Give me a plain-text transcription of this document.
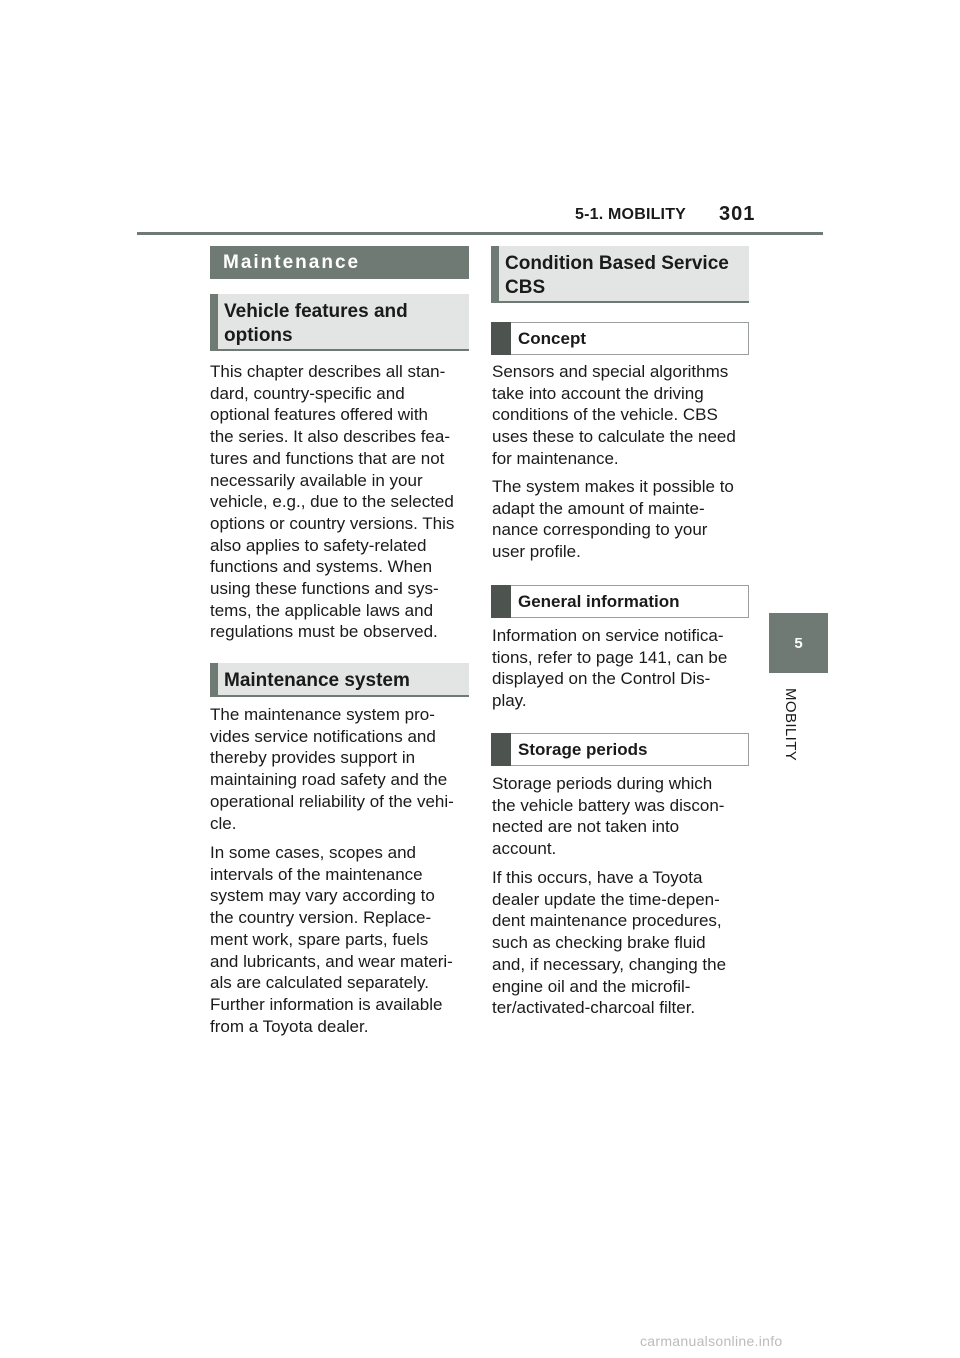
5-1. MOBILITY 301
5
MOBILITY
Maintenance
Vehicle features and options
This chapter describes all stan-
dard, country-specific and
optional features offered with
the series. It also describes fea-
tures and functions that are not
necessarily available in your
vehicle, e.g., due to the selected
options or country versions. This
also applies to safety-related
functions and systems. When
using these functions and sys-
tems, the applicable laws and
regulations must be observed.
Maintenance system
The maintenance system pro-
vides service notifications and
thereby provides support in
maintaining road safety and the
operational reliability of the vehi-
cle.
In some cases, scopes and
intervals of the maintenance
system may vary according to
the country version. Replace-
ment work, spare parts, fuels
and lubricants, and wear materi-
als are calculated separately.
Further information is available
from a Toyota dealer.
Condition Based Service CBS
Concept
Sensors and special algorithms
take into account the driving
conditions of the vehicle. CBS
uses these to calculate the need
for maintenance.
The system makes it possible to
adapt the amount of mainte-
nance corresponding to your
user profile.
General information
Information on service notifica-
tions, refer to page 141, can be
displayed on the Control Dis-
play.
Storage periods
Storage periods during which
the vehicle battery was discon-
nected are not taken into
account.
If this occurs, have a Toyota
dealer update the time-depen-
dent maintenance procedures,
such as checking brake fluid
and, if necessary, changing the
engine oil and the microfil-
ter/activated-charcoal filter.
carmanualsonline.info
